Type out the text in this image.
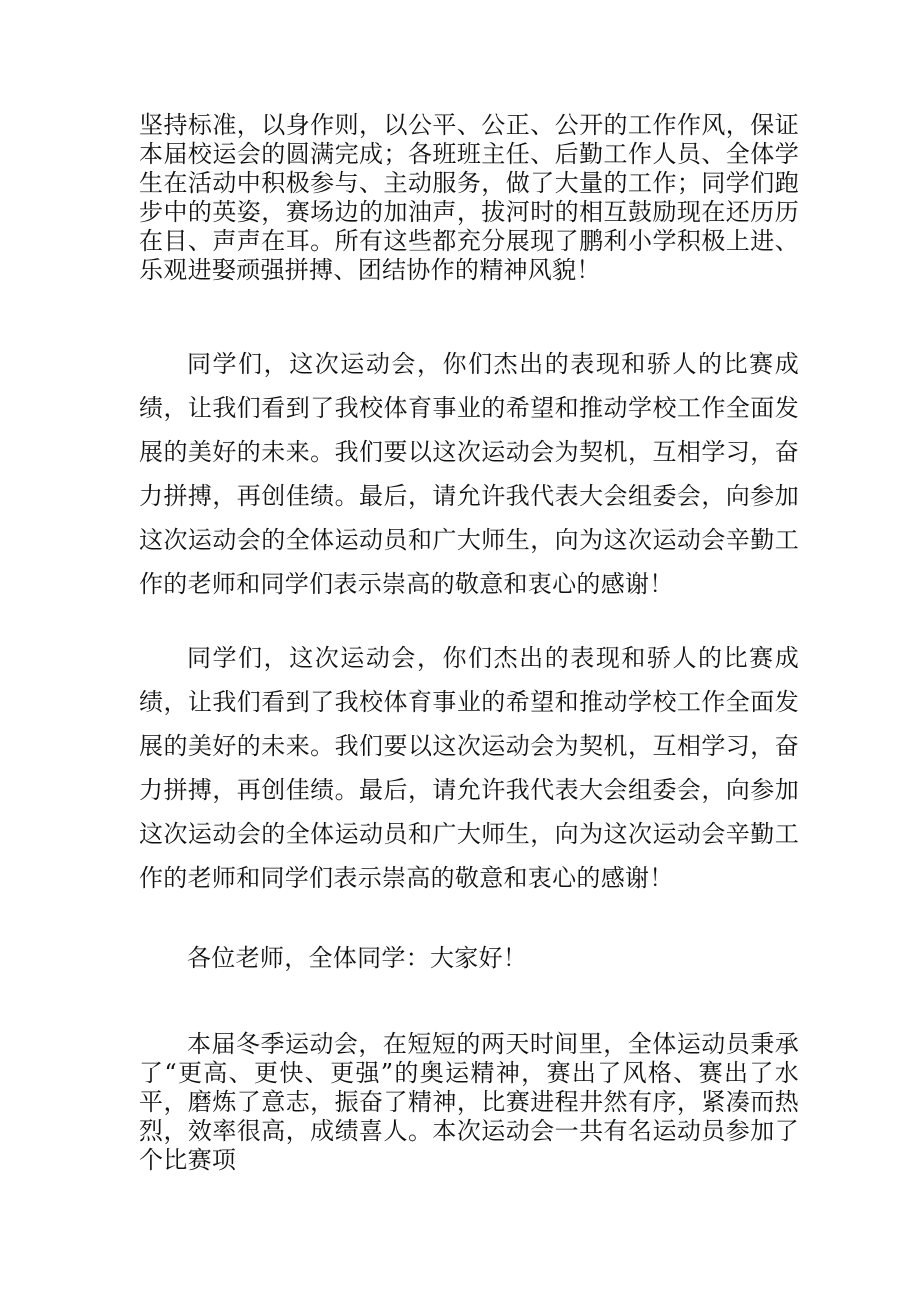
坚持标准，以身作则，以公平、公正、公开的工作作风，保证本届校运会的圆满完成；各班班主任、后勤工作人员、全体学生在活动中积极参与、主动服务，做了大量的工作；同学们跑步中的英姿，赛场边的加油声，拔河时的相互鼓励现在还历历在目、声声在耳。所有这些都充分展现了鹏利小学积极上进、乐观进娶顽强拼搏、团结协作的精神风貌！

同学们，这次运动会，你们杰出的表现和骄人的比赛成绩，让我们看到了我校体育事业的希望和推动学校工作全面发展的美好的未来。我们要以这次运动会为契机，互相学习，奋力拼搏，再创佳绩。最后，请允许我代表大会组委会，向参加这次运动会的全体运动员和广大师生，向为这次运动会辛勤工作的老师和同学们表示崇高的敬意和衷心的感谢！

同学们，这次运动会，你们杰出的表现和骄人的比赛成绩，让我们看到了我校体育事业的希望和推动学校工作全面发展的美好的未来。我们要以这次运动会为契机，互相学习，奋力拼搏，再创佳绩。最后，请允许我代表大会组委会，向参加这次运动会的全体运动员和广大师生，向为这次运动会辛勤工作的老师和同学们表示崇高的敬意和衷心的感谢！

各位老师，全体同学：大家好！

本届冬季运动会，在短短的两天时间里，全体运动员秉承了“更高、更快、更强”的奥运精神，赛出了风格、赛出了水平，磨炼了意志，振奋了精神，比赛进程井然有序，紧凑而热烈，效率很高，成绩喜人。本次运动会一共有名运动员参加了个比赛项
